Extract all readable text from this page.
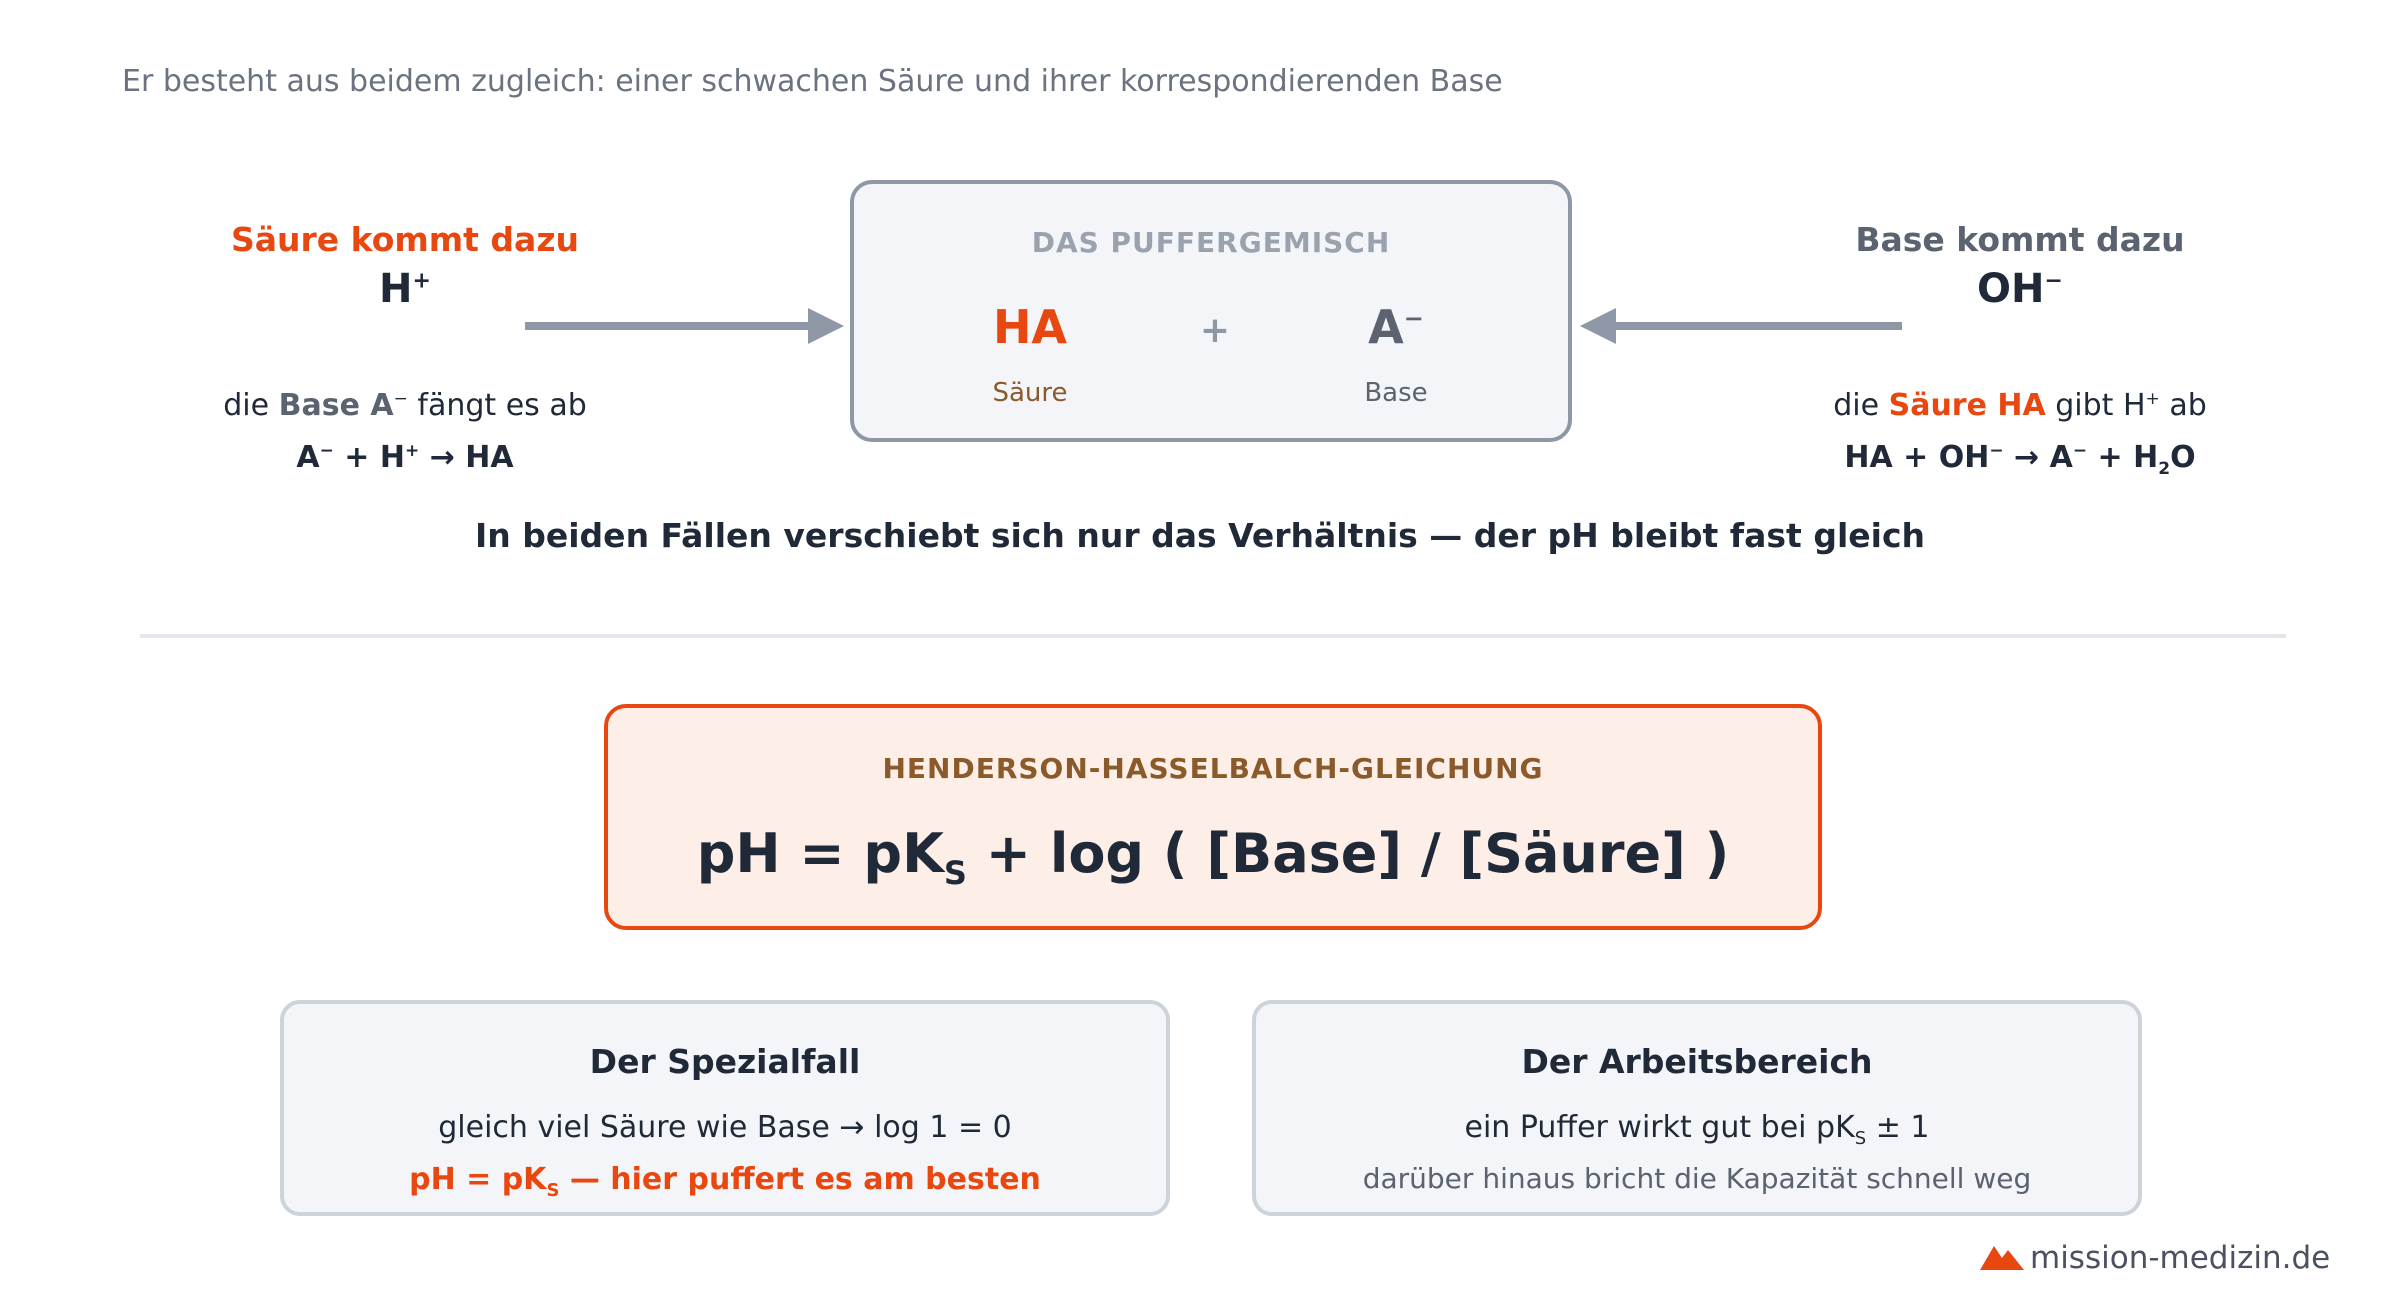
Er besteht aus beidem zugleich: einer schwachen Säure und ihrer korrespondierenden Base
Säure kommt dazu
H+
die Base A− fängt es ab
A− + H+ → HA
Base kommt dazu
OH−
die Säure HA gibt H+ ab
HA + $OH^- \to A^- + H_2O$
DAS PUFFERGEMISCH
HA	+	A−
Säure	Base
In beiden Fällen verschiebt sich nur das Verhältnis — der pH bleibt fast gleich
HENDERSON-HASSELBALCH-GLEICHUNG
pH = $pK_S + \log$ ( [Base] / [Säure] )
Der Spezialfall
gleich viel Säure wie Base → log 1 = 0
pH = $pK_S$ — hier puffert es am besten
Der Arbeitsbereich
ein Puffer wirkt gut bei $pK_S \pm 1$
darüber hinaus bricht die Kapazität schnell weg
mission-medizin.de
